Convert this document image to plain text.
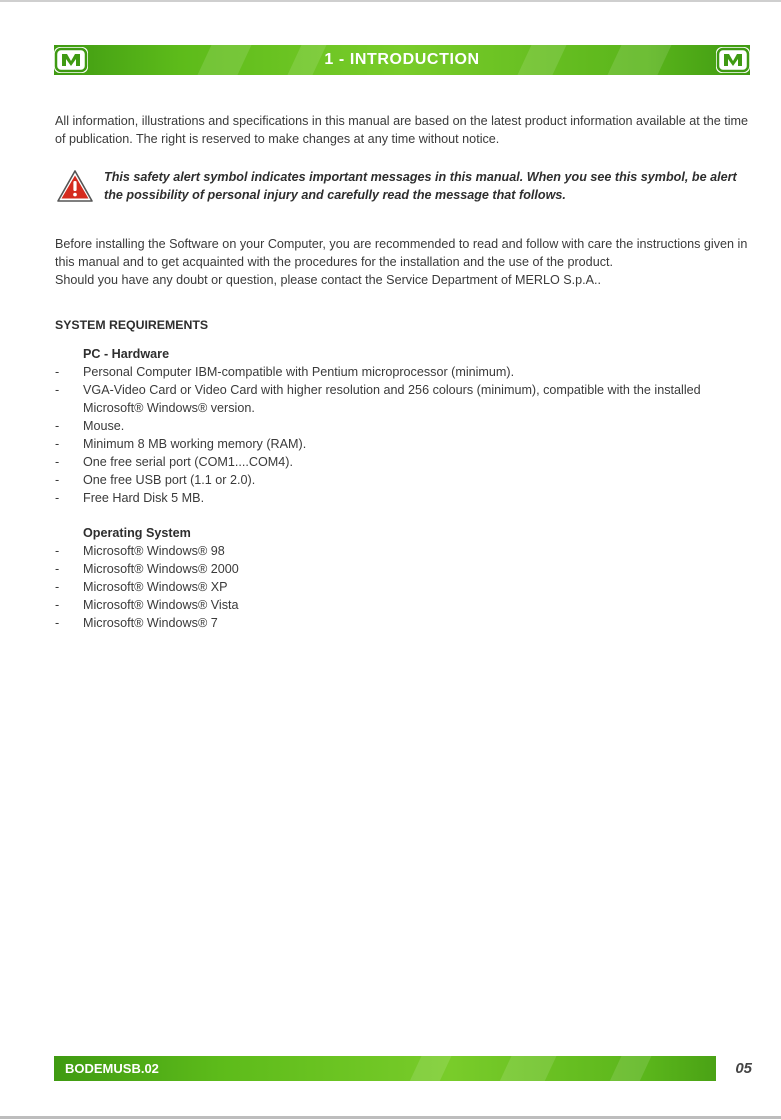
1 - INTRODUCTION

All information, illustrations and specifications in this manual are based on the latest product information available at the time of publication. The right is reserved to make changes at any time without notice.

This safety alert symbol indicates important messages in this manual. When you see this symbol, be alert the possibility of personal injury and carefully read the message that follows.

Before installing the Software on your Computer, you are recommended to read and follow with care the instructions given in this manual and to get acquainted with the procedures for the installation and the use of the product.

Should you have any doubt or question, please contact the Service Department of MERLO S.p.A..

SYSTEM REQUIREMENTS
PC - Hardware
- Personal Computer IBM-compatible with Pentium microprocessor (minimum).
- VGA-Video Card or Video Card with higher resolution and 256 colours (minimum), compatible with the installed Microsoft® Windows® version.
- Mouse.
- Minimum 8 MB working memory (RAM).
- One free serial port (COM1....COM4).
- One free USB port (1.1 or 2.0).
- Free Hard Disk 5 MB.
Operating System
- Microsoft® Windows® 98
- Microsoft® Windows® 2000
- Microsoft® Windows® XP
- Microsoft® Windows® Vista
- Microsoft® Windows® 7
BODEMUSB.02	05
